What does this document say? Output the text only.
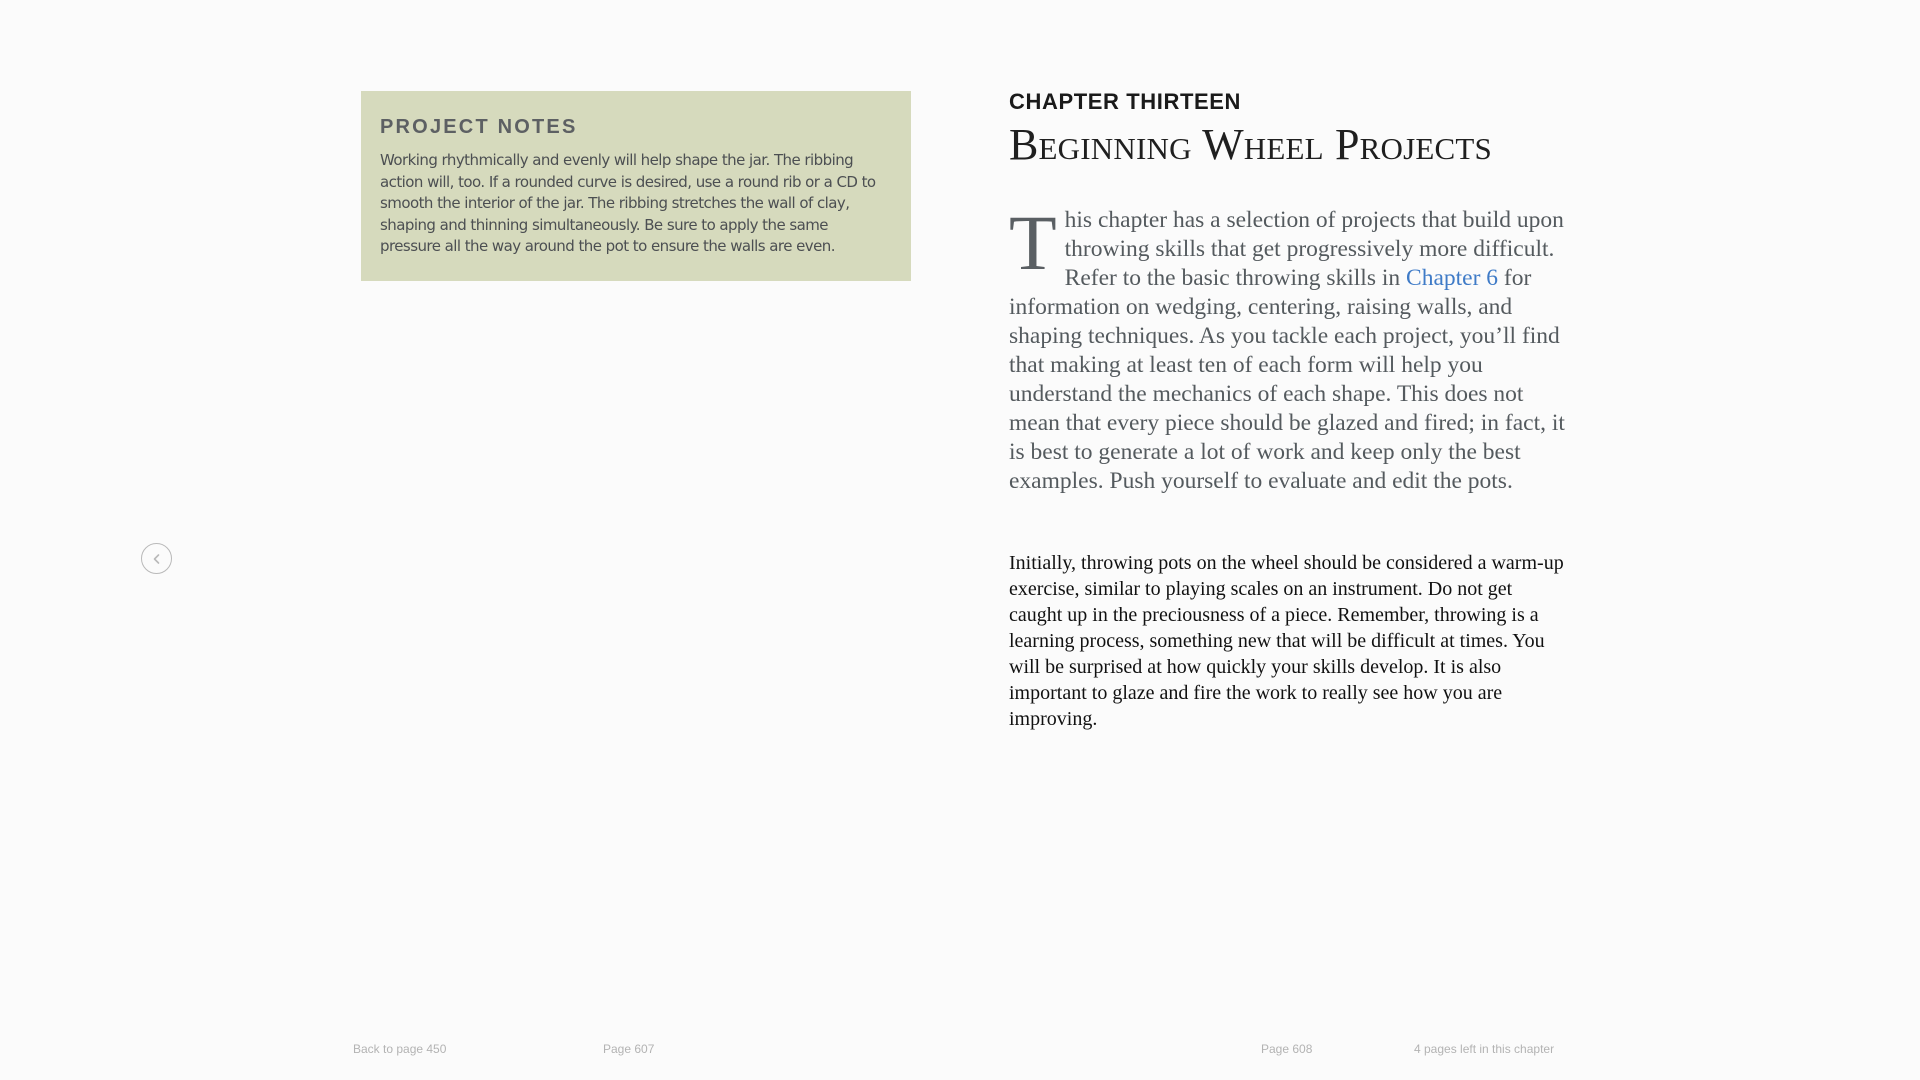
PROJECT NOTES

Working rhythmically and evenly will help shape the jar. The ribbing action will, too. If a rounded curve is desired, use a round rib or a CD to smooth the interior of the jar. The ribbing stretches the wall of clay, shaping and thinning simultaneously. Be sure to apply the same pressure all the way around the pot to ensure the walls are even.

CHAPTER THIRTEEN
Beginning Wheel Projects

This chapter has a selection of projects that build upon throwing skills that get progressively more difficult. Refer to the basic throwing skills in Chapter 6 for information on wedging, centering, raising walls, and shaping techniques. As you tackle each project, you’ll find that making at least ten of each form will help you understand the mechanics of each shape. This does not mean that every piece should be glazed and fired; in fact, it is best to generate a lot of work and keep only the best examples. Push yourself to evaluate and edit the pots.

Initially, throwing pots on the wheel should be considered a warm-up exercise, similar to playing scales on an instrument. Do not get caught up in the preciousness of a piece. Remember, throwing is a learning process, something new that will be difficult at times. You will be surprised at how quickly your skills develop. It is also important to glaze and fire the work to really see how you are improving.

Back to page 450	Page 607	Page 608	4 pages left in this chapter
